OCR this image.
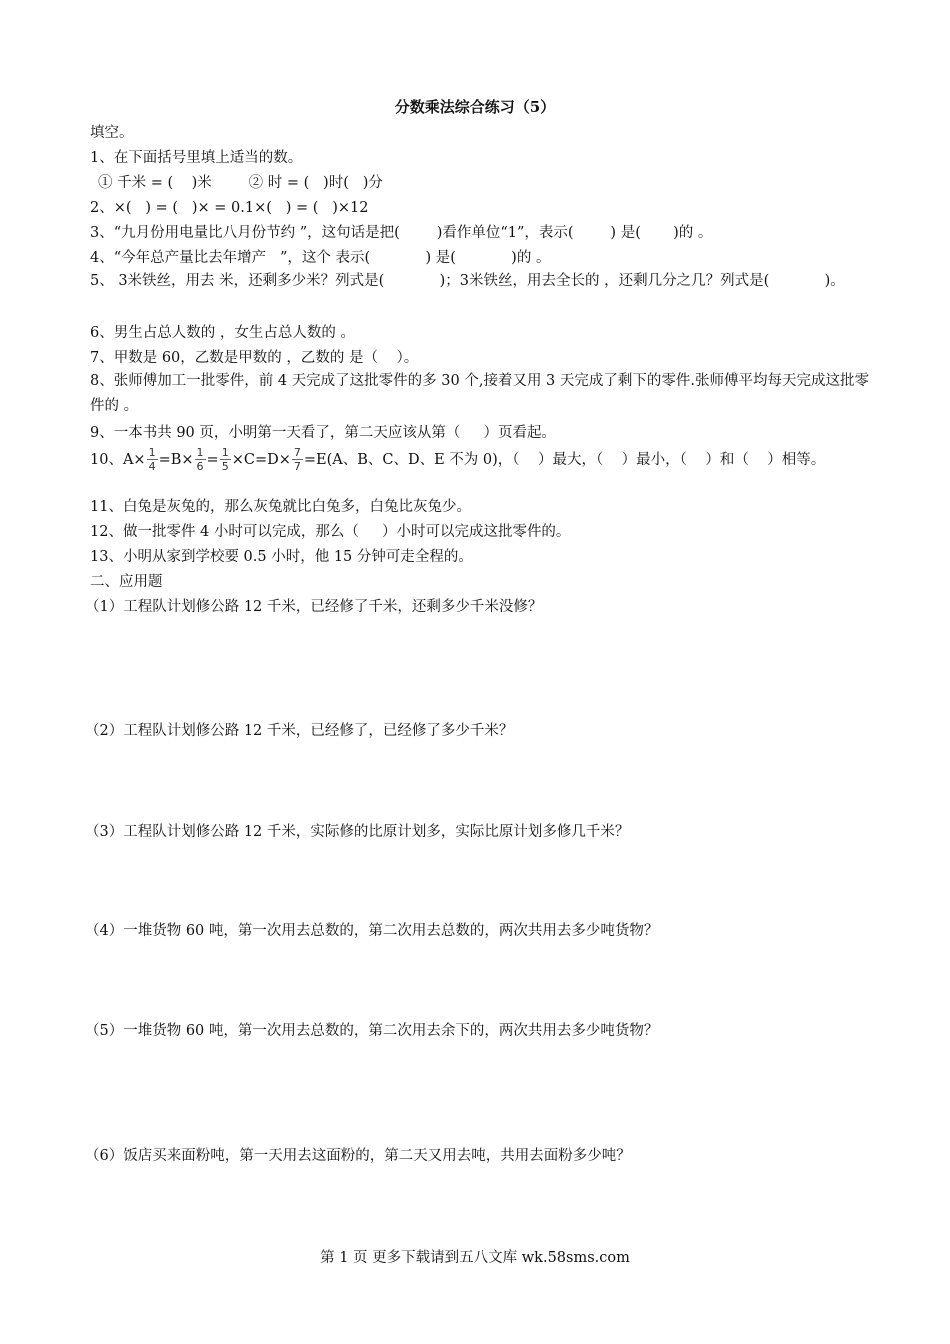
分数乘法综合练习（5）
填空。
1、在下面括号里填上适当的数。
① 千米 = (    )米        ② 时 = (   )时(   )分
2、×(   ) = (   )× = 0.1×(   ) = (   )×12
3、“九月份用电量比八月份节约 ”，这句话是把(        )看作单位“1”，表示(        ) 是(       )的 。
4、“今年总产量比去年增产   ”，这个 表示(            ) 是(            )的 。
5、 3米铁丝，用去 米，还剩多少米？列式是(            )；3米铁丝，用去全长的 ，还剩几分之几？列式是(            )。
6、男生占总人数的 ，女生占总人数的 。
7、甲数是 60，乙数是甲数的 ，乙数的 是（    ）。
8、张师傅加工一批零件，前 4 天完成了这批零件的多 30 个,接着又用 3 天完成了剩下的零件.张师傅平均每天完成这批零件的 。
9、一本书共 90 页，小明第一天看了，第二天应该从第（     ）页看起。
10、$A\times \frac{1}{4} =B\times \frac{1}{6} = \frac{1}{5} \times C=D\times \frac{7}{7} =E(A$、B、C、D、E 不为 0)，（    ）最大，（    ）最小，（    ）和（    ）相等。
11、白兔是灰兔的，那么灰兔就比白兔多，白兔比灰兔少。
12、做一批零件 4 小时可以完成，那么（     ）小时可以完成这批零件的。
13、小明从家到学校要 0.5 小时，他 15 分钟可走全程的。
二、应用题
（1）工程队计划修公路 12 千米，已经修了千米，还剩多少千米没修？
（2）工程队计划修公路 12 千米，已经修了，已经修了多少千米？
（3）工程队计划修公路 12 千米，实际修的比原计划多，实际比原计划多修几千米？
（4）一堆货物 60 吨，第一次用去总数的，第二次用去总数的，两次共用去多少吨货物？
（5）一堆货物 60 吨，第一次用去总数的，第二次用去余下的，两次共用去多少吨货物？
（6）饭店买来面粉吨，第一天用去这面粉的，第二天又用去吨，共用去面粉多少吨？
第 1 页 更多下载请到五八文库 wk.58sms.com
